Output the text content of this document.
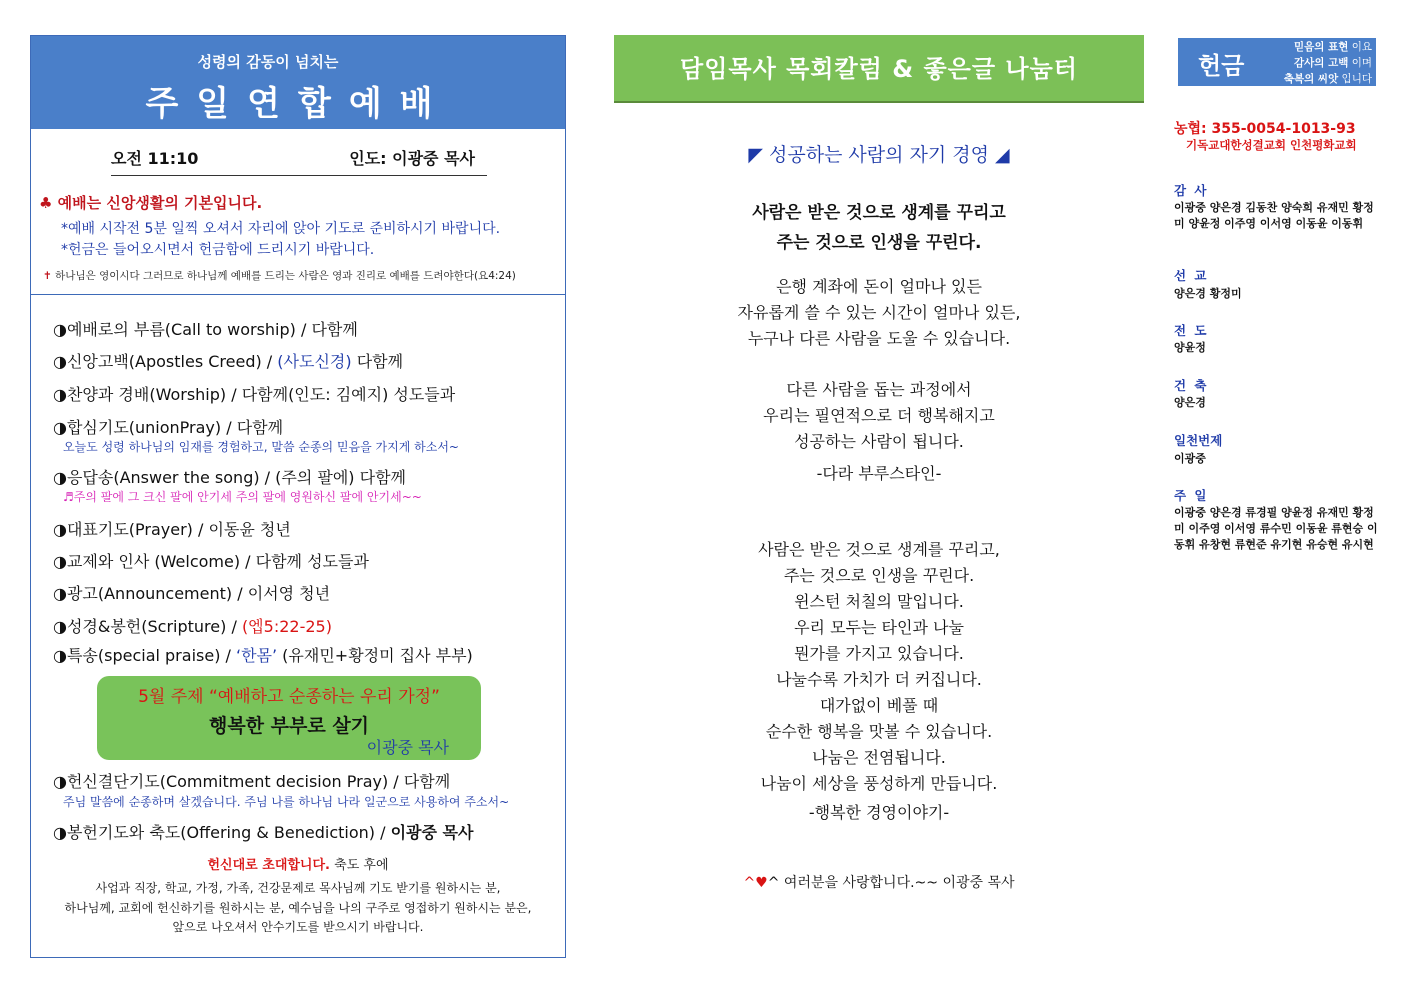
성령의 감동이 넘치는
주일연합예배
오전 11:10	인도: 이광중 목사
♣ 예배는 신앙생활의 기본입니다.
*예배 시작전 5분 일찍 오셔서 자리에 앉아 기도로 준비하시기 바랍니다.
*헌금은 들어오시면서 헌금함에 드리시기 바랍니다.
✝ 하나님은 영이시다 그러므로 하나님께 예배를 드리는 사람은 영과 진리로 예배를 드려야한다(요4:24)
◑예배로의 부름(Call to worship) / 다함께
◑신앙고백(Apostles Creed) / (사도신경) 다함께
◑찬양과 경배(Worship) / 다함께(인도: 김예지) 성도들과
◑합심기도(unionPray) / 다함께
오늘도 성령 하나님의 임재를 경험하고, 말씀 순종의 믿음을 가지게 하소서~
◑응답송(Answer the song) / (주의 팔에) 다함께
♬주의 팔에 그 크신 팔에 안기세 주의 팔에 영원하신 팔에 안기세~~
◑대표기도(Prayer) / 이동윤 청년
◑교제와 인사 (Welcome) / 다함께 성도들과
◑광고(Announcement) / 이서영 청년
◑성경&봉헌(Scripture) / (엡5:22-25)
◑특송(special praise) / ‘한몸’ (유재민+황정미 집사 부부)
5월 주제 “예배하고 순종하는 우리 가정”
행복한 부부로 살기
이광중 목사
◑헌신결단기도(Commitment decision Pray) / 다함께
주님 말씀에 순종하며 살겠습니다. 주님 나를 하나님 나라 일군으로 사용하여 주소서~
◑봉헌기도와 축도(Offering & Benediction) / 이광중 목사
헌신대로 초대합니다. 축도 후에
사업과 직장, 학교, 가정, 가족, 건강문제로 목사님께 기도 받기를 원하시는 분,
하나님께, 교회에 헌신하기를 원하시는 분, 예수님을 나의 구주로 영접하기 원하시는 분은,
앞으로 나오셔서 안수기도를 받으시기 바랍니다.
담임목사 목회칼럼 & 좋은글 나눔터
◤ 성공하는 사람의 자기 경영 ◢
사람은 받은 것으로 생계를 꾸리고
주는 것으로 인생을 꾸린다.
은행 계좌에 돈이 얼마나 있든
자유롭게 쓸 수 있는 시간이 얼마나 있든,
누구나 다른 사람을 도울 수 있습니다.
다른 사람을 돕는 과정에서
우리는 필연적으로 더 행복해지고
성공하는 사람이 됩니다.
-다라 부루스타인-
사람은 받은 것으로 생계를 꾸리고,
주는 것으로 인생을 꾸린다.
윈스턴 처칠의 말입니다.
우리 모두는 타인과 나눌
뭔가를 가지고 있습니다.
나눌수록 가치가 더 커집니다.
대가없이 베풀 때
순수한 행복을 맛볼 수 있습니다.
나눔은 전염됩니다.
나눔이 세상을 풍성하게 만듭니다.
-행복한 경영이야기-
^♥^ 여러분을 사랑합니다.~~ 이광중 목사
헌금
믿음의 표현 이요
감사의 고백 이며
축복의 씨앗 입니다
농협: 355-0054-1013-93
기독교대한성결교회 인천평화교회
감 사
이광중 양은경 김동찬 양숙희 유재민 황정미 양윤정 이주영 이서영 이동윤 이동휘
선 교
양은경 황정미
전 도
양윤정
건 축
양은경
일천번제
이광중
주 일
이광중 양은경 류경필 양윤정 유재민 황정미 이주영 이서영 류수민 이동윤 류현승 이동휘 유창현 류현준 유기현 유승현 유시현
